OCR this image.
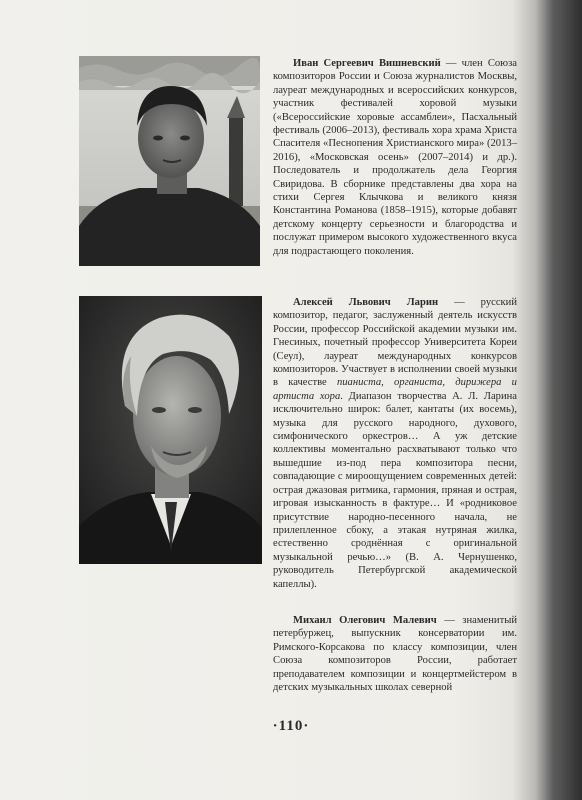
Иван Сергеевич Вишневский — член Союза композиторов России и Союза журналистов Москвы, лауреат международных и всероссийских конкурсов, участник фестивалей хоровой музыки («Всероссийские хоровые ассамблеи», Пасхальный фестиваль (2006–2013), фестиваль хора храма Христа Спасителя «Песнопения Христианского мира» (2013–2016), «Московская осень» (2007–2014) и др.). Последователь и продолжатель дела Георгия Свиридова. В сборнике представлены два хора на стихи Сергея Клычкова и великого князя Константина Романова (1858–1915), которые добавят детскому концерту серьезности и благородства и послужат примером высокого художественного вкуса для подрастающего поколения.

Алексей Львович Ларин — русский композитор, педагог, заслуженный деятель искусств России, профессор Российской академии музыки им. Гнесиных, почетный профессор Университета Кореи (Сеул), лауреат международных конкурсов композиторов. Участвует в исполнении своей музыки в качестве пианиста, органиста, дирижера и артиста хора. Диапазон творчества А. Л. Ларина исключительно широк: балет, кантаты (их восемь), музыка для русского народного, духового, симфонического оркестров… А уж детские коллективы моментально расхватывают только что вышедшие из-под пера композитора песни, совпадающие с мироощущением современных детей: острая джазовая ритмика, гармония, пряная и острая, игровая изысканность в фактуре… И «родниковое присутствие народно-песенного начала, не прилепленное сбоку, а этакая нутряная жилка, естественно сроднённая с оригинальной музыкальной речью…» (В. А. Чернушенко, руководитель Петербургской академической капеллы).

Михаил Олегович Малевич — знаменитый петербуржец, выпускник консерватории им. Римского-Корсакова по классу композиции, член Союза композиторов России, работает преподавателем композиции и концертмейстером в детских музыкальных школах северной

·110·
